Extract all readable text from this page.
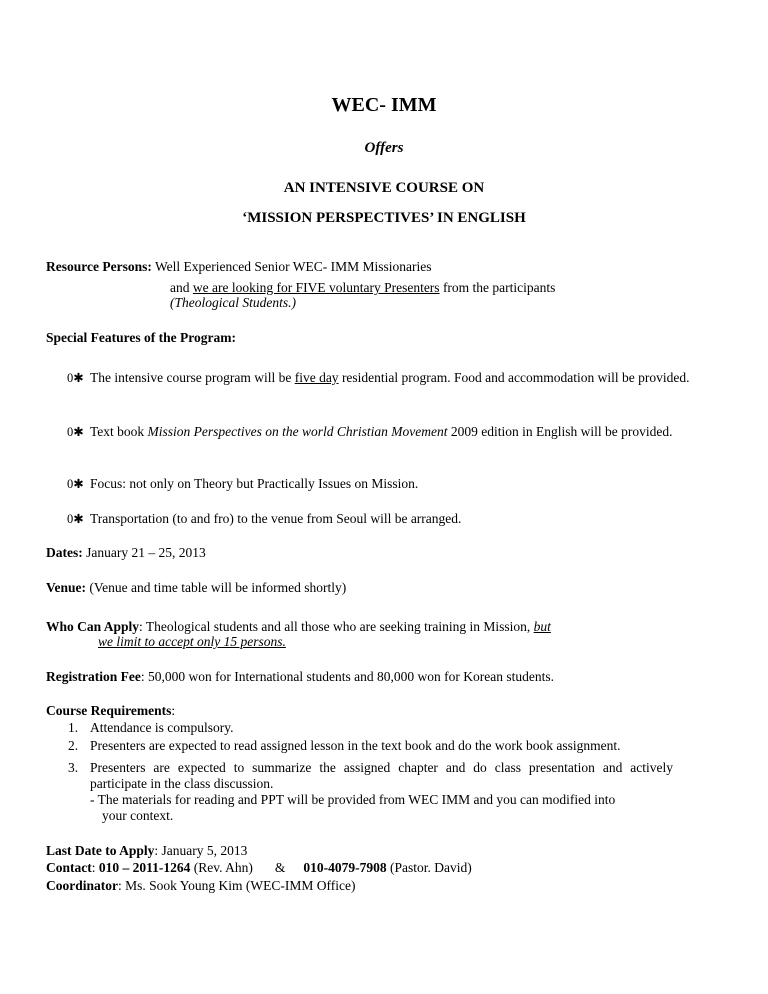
WEC- IMM
Offers
AN INTENSIVE COURSE ON
‘MISSION PERSPECTIVES’ IN ENGLISH
Resource Persons: Well Experienced Senior WEC- IMM Missionaries
and we are looking for FIVE voluntary Presenters from the participants
(Theological Students.)
Special Features of the Program:
0✱ The intensive course program will be five day residential program. Food and accommodation will be provided.
0✱ Text book Mission Perspectives on the world Christian Movement 2009 edition in English will be provided.
0✱ Focus: not only on Theory but Practically Issues on Mission.
0✱ Transportation (to and fro) to the venue from Seoul will be arranged.
Dates: January 21 – 25, 2013
Venue: (Venue and time table will be informed shortly)
Who Can Apply: Theological students and all those who are seeking training in Mission, but
we limit to accept only 15 persons.
Registration Fee: 50,000 won for International students and 80,000 won for Korean students.
Course Requirements:
1. Attendance is compulsory.
2. Presenters are expected to read assigned lesson in the text book and do the work book assignment.
3. Presenters are expected to summarize the assigned chapter and do class presentation and actively participate in the class discussion.
- The materials for reading and PPT will be provided from WEC IMM and you can modified into
your context.
Last Date to Apply: January 5, 2013
Contact: 010 – 2011-1264 (Rev. Ahn) & 010-4079-7908 (Pastor. David)
Coordinator: Ms. Sook Young Kim (WEC-IMM Office)
